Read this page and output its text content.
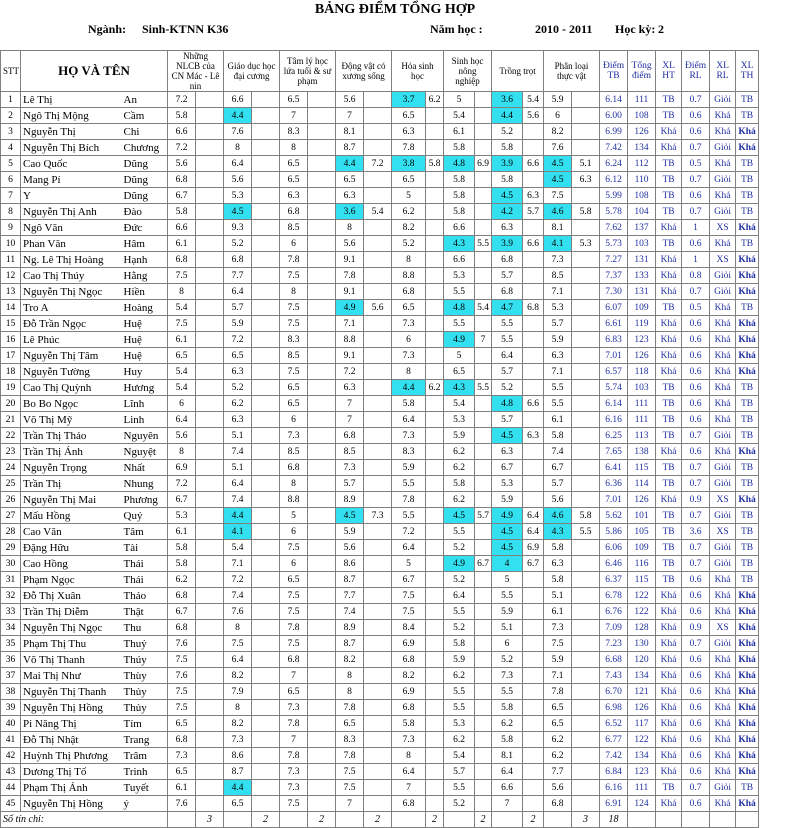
BẢNG ĐIỂM TỔNG HỢP
Ngành: Sinh-KTNN K36	Năm học :	2010 - 2011 Học kỳ: 2
STT	HỌ VÀ TÊN		Những NLCB của CN Mác - Lê nin		Giáo dục học đại cương		Tâm lý học lứa tuổi & sư phạm		Động vật có xương sống		Hóa sinh học		Sinh học nông nghiệp		Trồng trọt		Phân loại thực vật		Điểm TB	Tổng điểm	XL HT	Điểm RL	XL RL	XL TH
1	Lê Thị	An	7.2		6.6		6.5		5.6		3.7	6.2	5		3.6	5.4	5.9		6.14	111	TB	0.7	Giỏi	TB
2	Ngô Thị Mộng	Cầm	5.8		4.4		7		7		6.5		5.4		4.4	5.6	6		6.00	108	TB	0.6	Khá	TB
3	Nguyễn Thị	Chi	6.6		7.6		8.3		8.1		6.3		6.1		5.2		8.2		6.99	126	Khá	0.6	Khá	Khá
4	Nguyễn Thị Bích	Chương	7.2		8		8		8.7		7.8		5.8		5.8		7.6		7.42	134	Khá	0.7	Giỏi	Khá
5	Cao Quốc	Dũng	5.6		6.4		6.5		4.4	7.2	3.8	5.8	4.8	6.9	3.9	6.6	4.5	5.1	6.24	112	TB	0.5	Khá	TB
6	Mang Pí	Dũng	6.8		5.6		6.5		6.5		6.5		5.8		5.8		4.5	6.3	6.12	110	TB	0.7	Giỏi	TB
7	Y	Dũng	6.7		5.3		6.3		6.3		5		5.8		4.5	6.3	7.5		5.99	108	TB	0.6	Khá	TB
8	Nguyễn Thị Anh	Đào	5.8		4.5		6.8		3.6	5.4	6.2		5.8		4.2	5.7	4.6	5.8	5.78	104	TB	0.7	Giỏi	TB
9	Ngô Văn	Đức	6.6		9.3		8.5		8		8.2		6.6		6.3		8.1		7.62	137	Khá	1	XS	Khá
10	Phan Văn	Hâm	6.1		5.2		6		5.6		5.2		4.3	5.5	3.9	6.6	4.1	5.3	5.73	103	TB	0.6	Khá	TB
11	Ng. Lê Thị Hoàng	Hạnh	6.8		6.8		7.8		9.1		8		6.6		6.8		7.3		7.27	131	Khá	1	XS	Khá
12	Cao Thị Thúy	Hằng	7.5		7.7		7.5		7.8		8.8		5.3		5.7		8.5		7.37	133	Khá	0.8	Giỏi	Khá
13	Nguyễn Thị Ngọc	Hiền	8		6.4		8		9.1		6.8		5.5		6.8		7.1		7.30	131	Khá	0.7	Giỏi	Khá
14	Tro A	Hoàng	5.4		5.7		7.5		4.9	5.6	6.5		4.8	5.4	4.7	6.8	5.3		6.07	109	TB	0.5	Khá	TB
15	Đỗ Trần Ngọc	Huệ	7.5		5.9		7.5		7.1		7.3		5.5		5.5		5.7		6.61	119	Khá	0.6	Khá	Khá
16	Lê Phúc	Huệ	6.1		7.2		8.3		8.8		6		4.9	7	5.5		5.9		6.83	123	Khá	0.6	Khá	Khá
17	Nguyễn Thị Tâm	Huệ	6.5		6.5		8.5		9.1		7.3		5		6.4		6.3		7.01	126	Khá	0.6	Khá	Khá
18	Nguyễn Tường	Huy	5.4		6.3		7.5		7.2		8		6.5		5.7		7.1		6.57	118	Khá	0.6	Khá	Khá
19	Cao Thị Quỳnh	Hương	5.4		5.2		6.5		6.3		4.4	6.2	4.3	5.5	5.2		5.5		5.74	103	TB	0.6	Khá	TB
20	Bo Bo Ngọc	Lĩnh	6		6.2		6.5		7		5.8		5.4		4.8	6.6	5.5		6.14	111	TB	0.6	Khá	TB
21	Võ Thị Mỹ	Linh	6.4		6.3		6		7		6.4		5.3		5.7		6.1		6.16	111	TB	0.6	Khá	TB
22	Trần Thị Thảo	Nguyên	5.6		5.1		7.3		6.8		7.3		5.9		4.5	6.3	5.8		6.25	113	TB	0.7	Giỏi	TB
23	Trần Thị Ánh	Nguyệt	8		7.4		8.5		8.5		8.3		6.2		6.3		7.4		7.65	138	Khá	0.6	Khá	Khá
24	Nguyễn Trọng	Nhất	6.9		5.1		6.8		7.3		5.9		6.2		6.7		6.7		6.41	115	TB	0.7	Giỏi	TB
25	Trần Thị	Nhung	7.2		6.4		8		5.7		5.5		5.8		5.3		5.7		6.36	114	TB	0.7	Giỏi	TB
26	Nguyễn Thị Mai	Phương	6.7		7.4		8.8		8.9		7.8		6.2		5.9		5.6		7.01	126	Khá	0.9	XS	Khá
27	Mấu Hồng	Quý	5.3		4.4		5		4.5	7.3	5.5		4.5	5.7	4.9	6.4	4.6	5.8	5.62	101	TB	0.7	Giỏi	TB
28	Cao Văn	Tâm	6.1		4.1		6		5.9		7.2		5.5		4.5	6.4	4.3	5.5	5.86	105	TB	3.6	XS	TB
29	Đặng Hữu	Tài	5.8		5.4		7.5		5.6		6.4		5.2		4.5	6.9	5.8		6.06	109	TB	0.7	Giỏi	TB
30	Cao Hồng	Thái	5.8		7.1		6		8.6		5		4.9	6.7	4	6.7	6.3		6.46	116	TB	0.7	Giỏi	TB
31	Phạm Ngọc	Thái	6.2		7.2		6.5		8.7		6.7		5.2		5		5.8		6.37	115	TB	0.6	Khá	TB
32	Đỗ Thị Xuân	Thảo	6.8		7.4		7.5		7.7		7.5		6.4		5.5		5.1		6.78	122	Khá	0.6	Khá	Khá
33	Trần Thị Diễm	Thật	6.7		7.6		7.5		7.4		7.5		5.5		5.9		6.1		6.76	122	Khá	0.6	Khá	Khá
34	Nguyễn Thị Ngọc	Thu	6.8		8		7.8		8.9		8.4		5.2		5.1		7.3		7.09	128	Khá	0.9	XS	Khá
35	Phạm Thị Thu	Thuỷ	7.6		7.5		7.5		8.7		6.9		5.8		6		7.5		7.23	130	Khá	0.7	Giỏi	Khá
36	Võ Thị Thanh	Thúy	7.5		6.4		6.8		8.2		6.8		5.9		5.2		5.9		6.68	120	Khá	0.6	Khá	Khá
37	Mai Thị Như	Thùy	7.6		8.2		7		8		8.2		6.2		7.3		7.1		7.43	134	Khá	0.6	Khá	Khá
38	Nguyễn Thị Thanh	Thủy	7.5		7.9		6.5		8		6.9		5.5		5.5		7.8		6.70	121	Khá	0.6	Khá	Khá
39	Nguyễn Thị Hồng	Thủy	7.5		8		7.3		7.8		6.8		5.5		5.8		6.5		6.98	126	Khá	0.6	Khá	Khá
40	Pi Năng Thị	Tím	6.5		8.2		7.8		6.5		5.8		5.3		6.2		6.5		6.52	117	Khá	0.6	Khá	Khá
41	Đỗ Thị Nhật	Trang	6.8		7.3		7		8.3		7.3		6.2		5.8		6.2		6.77	122	Khá	0.6	Khá	Khá
42	Huỳnh Thị Phương	Trâm	7.3		8.6		7.8		7.8		8		5.4		8.1		6.2		7.42	134	Khá	0.6	Khá	Khá
43	Dương Thị Tố	Trinh	6.5		8.7		7.3		7.5		6.4		5.7		6.4		7.7		6.84	123	Khá	0.6	Khá	Khá
44	Phạm Thị Ánh	Tuyết	6.1		4.4		7.3		7.5		7		5.5		6.6		5.6		6.16	111	TB	0.7	Giỏi	TB
45	Nguyễn Thị Hồng	ý	7.6		6.5		7.5		7		6.8		5.2		7		6.8		6.91	124	Khá	0.6	Khá	Khá
Số tín chỉ:				3		2		2		2		2		2		2		3	18					
